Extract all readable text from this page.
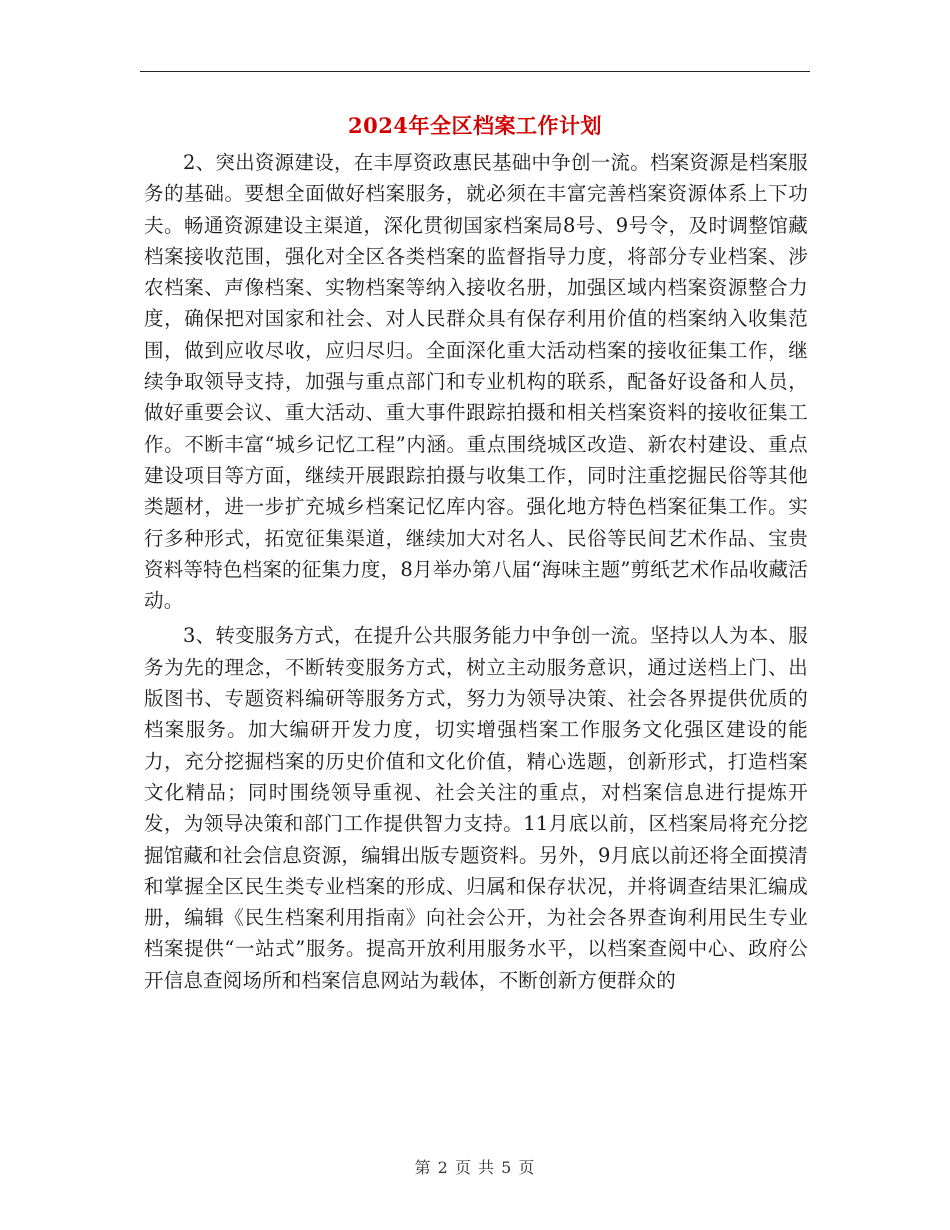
2024年全区档案工作计划

2、突出资源建设，在丰厚资政惠民基础中争创一流。档案资源是档案服务的基础。要想全面做好档案服务，就必须在丰富完善档案资源体系上下功夫。畅通资源建设主渠道，深化贯彻国家档案局8号、9号令，及时调整馆藏档案接收范围，强化对全区各类档案的监督指导力度，将部分专业档案、涉农档案、声像档案、实物档案等纳入接收名册，加强区域内档案资源整合力度，确保把对国家和社会、对人民群众具有保存利用价值的档案纳入收集范围，做到应收尽收，应归尽归。全面深化重大活动档案的接收征集工作，继续争取领导支持，加强与重点部门和专业机构的联系，配备好设备和人员，做好重要会议、重大活动、重大事件跟踪拍摄和相关档案资料的接收征集工作。不断丰富“城乡记忆工程”内涵。重点围绕城区改造、新农村建设、重点建设项目等方面，继续开展跟踪拍摄与收集工作，同时注重挖掘民俗等其他类题材，进一步扩充城乡档案记忆库内容。强化地方特色档案征集工作。实行多种形式，拓宽征集渠道，继续加大对名人、民俗等民间艺术作品、宝贵资料等特色档案的征集力度，8月举办第八届“海味主题”剪纸艺术作品收藏活动。

3、转变服务方式，在提升公共服务能力中争创一流。坚持以人为本、服务为先的理念，不断转变服务方式，树立主动服务意识，通过送档上门、出版图书、专题资料编研等服务方式，努力为领导决策、社会各界提供优质的档案服务。加大编研开发力度，切实增强档案工作服务文化强区建设的能力，充分挖掘档案的历史价值和文化价值，精心选题，创新形式，打造档案文化精品；同时围绕领导重视、社会关注的重点，对档案信息进行提炼开发，为领导决策和部门工作提供智力支持。11月底以前，区档案局将充分挖掘馆藏和社会信息资源，编辑出版专题资料。另外，9月底以前还将全面摸清和掌握全区民生类专业档案的形成、归属和保存状况，并将调查结果汇编成册，编辑《民生档案利用指南》向社会公开，为社会各界查询利用民生专业档案提供“一站式”服务。提高开放利用服务水平，以档案查阅中心、政府公开信息查阅场所和档案信息网站为载体，不断创新方便群众的

第 2 页 共 5 页
